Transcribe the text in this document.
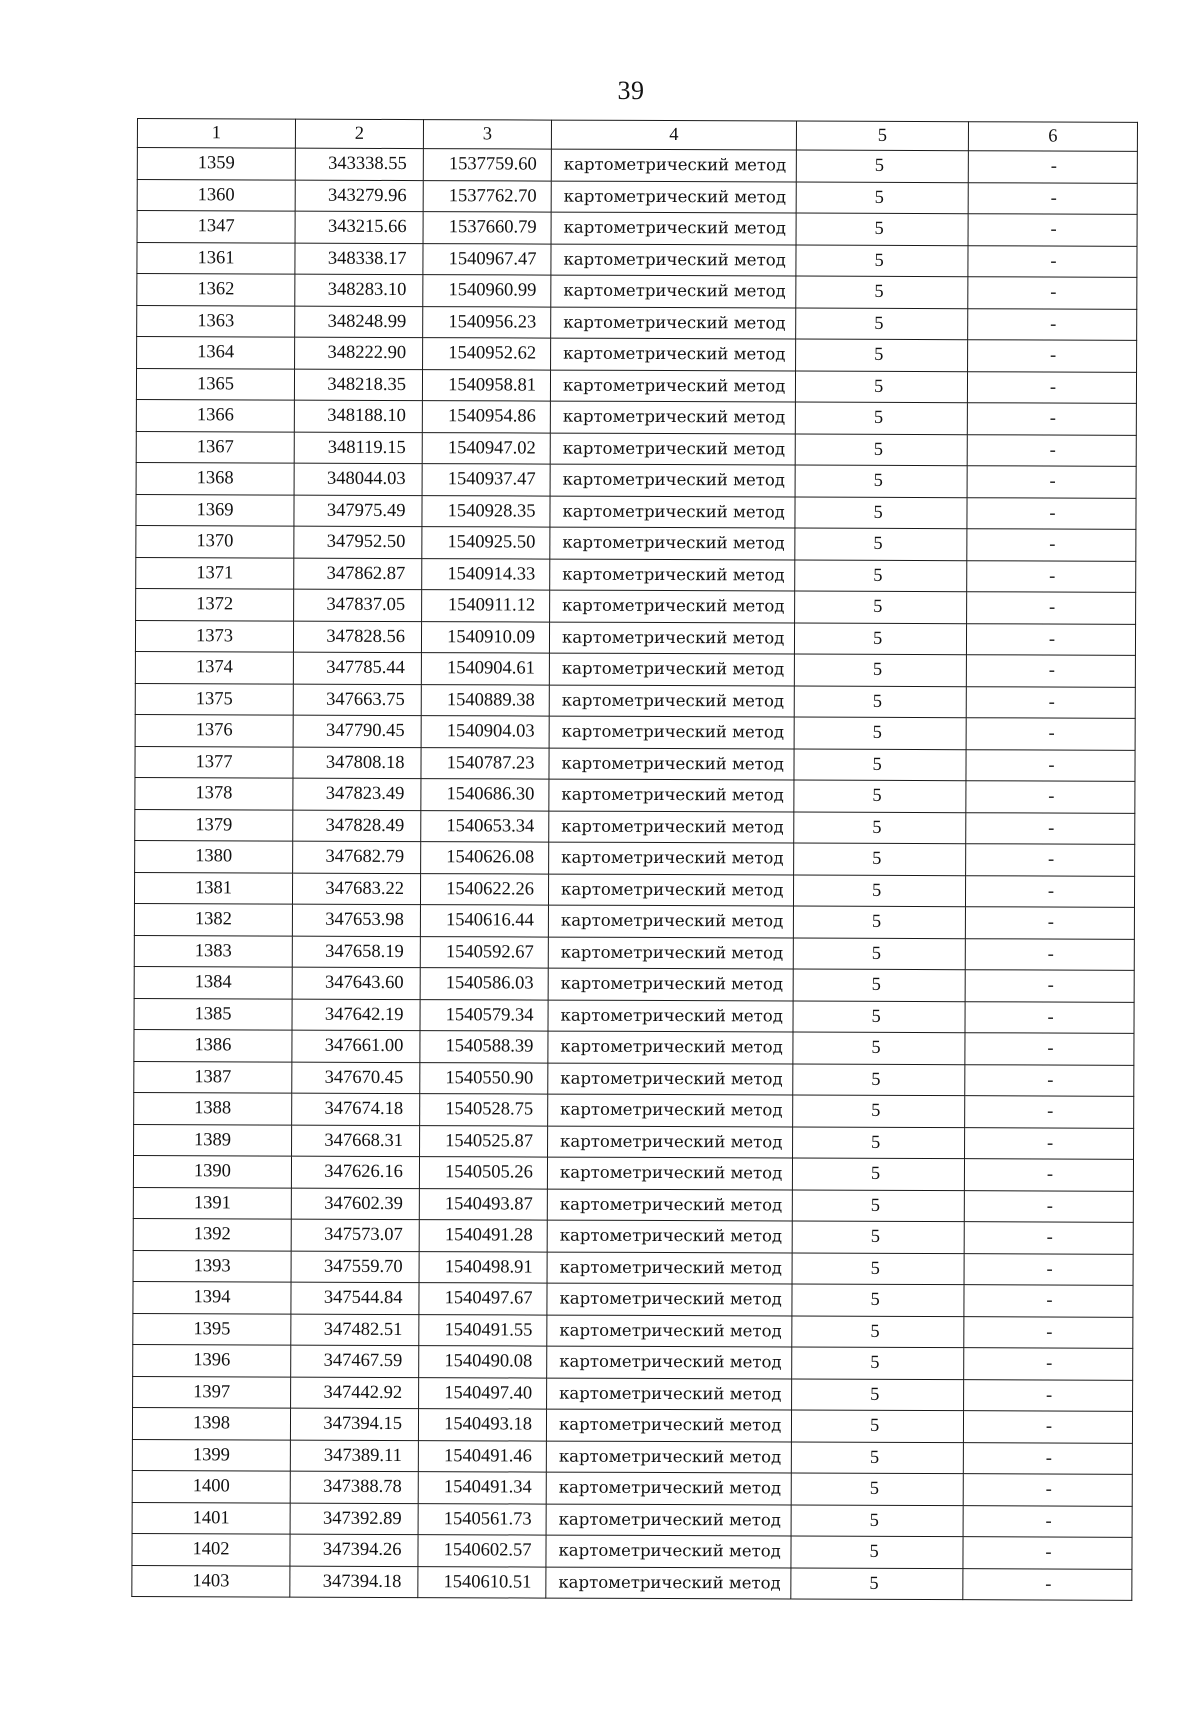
39
1	2	3	4	5	6
1359	343338.55	1537759.60	картометрический метод	5	-
1360	343279.96	1537762.70	картометрический метод	5	-
1347	343215.66	1537660.79	картометрический метод	5	-
1361	348338.17	1540967.47	картометрический метод	5	-
1362	348283.10	1540960.99	картометрический метод	5	-
1363	348248.99	1540956.23	картометрический метод	5	-
1364	348222.90	1540952.62	картометрический метод	5	-
1365	348218.35	1540958.81	картометрический метод	5	-
1366	348188.10	1540954.86	картометрический метод	5	-
1367	348119.15	1540947.02	картометрический метод	5	-
1368	348044.03	1540937.47	картометрический метод	5	-
1369	347975.49	1540928.35	картометрический метод	5	-
1370	347952.50	1540925.50	картометрический метод	5	-
1371	347862.87	1540914.33	картометрический метод	5	-
1372	347837.05	1540911.12	картометрический метод	5	-
1373	347828.56	1540910.09	картометрический метод	5	-
1374	347785.44	1540904.61	картометрический метод	5	-
1375	347663.75	1540889.38	картометрический метод	5	-
1376	347790.45	1540904.03	картометрический метод	5	-
1377	347808.18	1540787.23	картометрический метод	5	-
1378	347823.49	1540686.30	картометрический метод	5	-
1379	347828.49	1540653.34	картометрический метод	5	-
1380	347682.79	1540626.08	картометрический метод	5	-
1381	347683.22	1540622.26	картометрический метод	5	-
1382	347653.98	1540616.44	картометрический метод	5	-
1383	347658.19	1540592.67	картометрический метод	5	-
1384	347643.60	1540586.03	картометрический метод	5	-
1385	347642.19	1540579.34	картометрический метод	5	-
1386	347661.00	1540588.39	картометрический метод	5	-
1387	347670.45	1540550.90	картометрический метод	5	-
1388	347674.18	1540528.75	картометрический метод	5	-
1389	347668.31	1540525.87	картометрический метод	5	-
1390	347626.16	1540505.26	картометрический метод	5	-
1391	347602.39	1540493.87	картометрический метод	5	-
1392	347573.07	1540491.28	картометрический метод	5	-
1393	347559.70	1540498.91	картометрический метод	5	-
1394	347544.84	1540497.67	картометрический метод	5	-
1395	347482.51	1540491.55	картометрический метод	5	-
1396	347467.59	1540490.08	картометрический метод	5	-
1397	347442.92	1540497.40	картометрический метод	5	-
1398	347394.15	1540493.18	картометрический метод	5	-
1399	347389.11	1540491.46	картометрический метод	5	-
1400	347388.78	1540491.34	картометрический метод	5	-
1401	347392.89	1540561.73	картометрический метод	5	-
1402	347394.26	1540602.57	картометрический метод	5	-
1403	347394.18	1540610.51	картометрический метод	5	-
